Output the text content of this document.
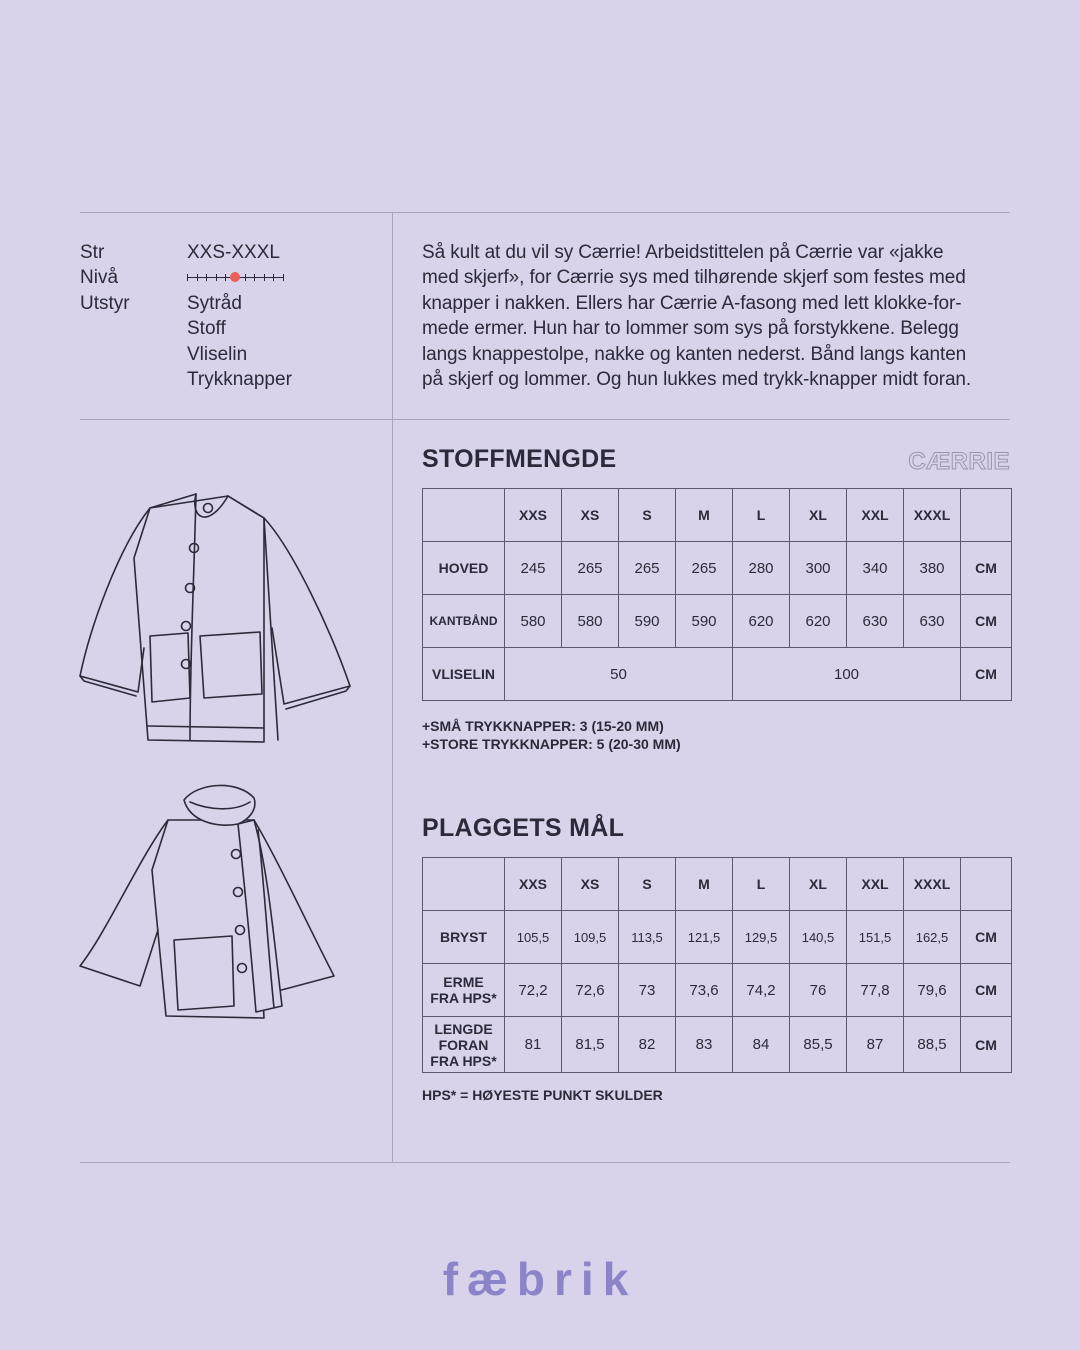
Str	XXS-XXXL
Nivå
Utstyr	Sytråd
Stoff
Vliselin
Trykknapper
Så kult at du vil sy Cærrie! Arbeidstittelen på Cærrie var «jakke
med skjerf», for Cærrie sys med tilhørende skjerf som festes med
knapper i nakken. Ellers har Cærrie A-fasong med lett klokke-for-
mede ermer. Hun har to lommer som sys på forstykkene. Belegg
langs knappestolpe, nakke og kanten nederst. Bånd langs kanten
på skjerf og lommer. Og hun lukkes med trykk-knapper midt foran.
STOFFMENGDE	CÆRRIE
	XXS	XS	S	M	L	XL	XXL	XXXL	
HOVED	245	265	265	265	280	300	340	380	CM
KANTBÅND	580	580	590	590	620	620	630	630	CM
VLISELIN	50				100				CM
+SMÅ TRYKKNAPPER: 3 (15-20 MM)
+STORE TRYKKNAPPER: 5 (20-30 MM)
PLAGGETS MÅL
	XXS	XS	S	M	L	XL	XXL	XXXL	

BRYST	105,5	109,5	113,5	121,5	129,5	140,5	151,5	162,5	CM

ERME
FRA HPS*	72,2	72,6	73	73,6	74,2	76	77,8	79,6	CM

LENGDE
FORAN
FRA HPS*	81	81,5	82	83	84	85,5	87	88,5	CM
HPS* = HØYESTE PUNKT SKULDER
fæbrik
